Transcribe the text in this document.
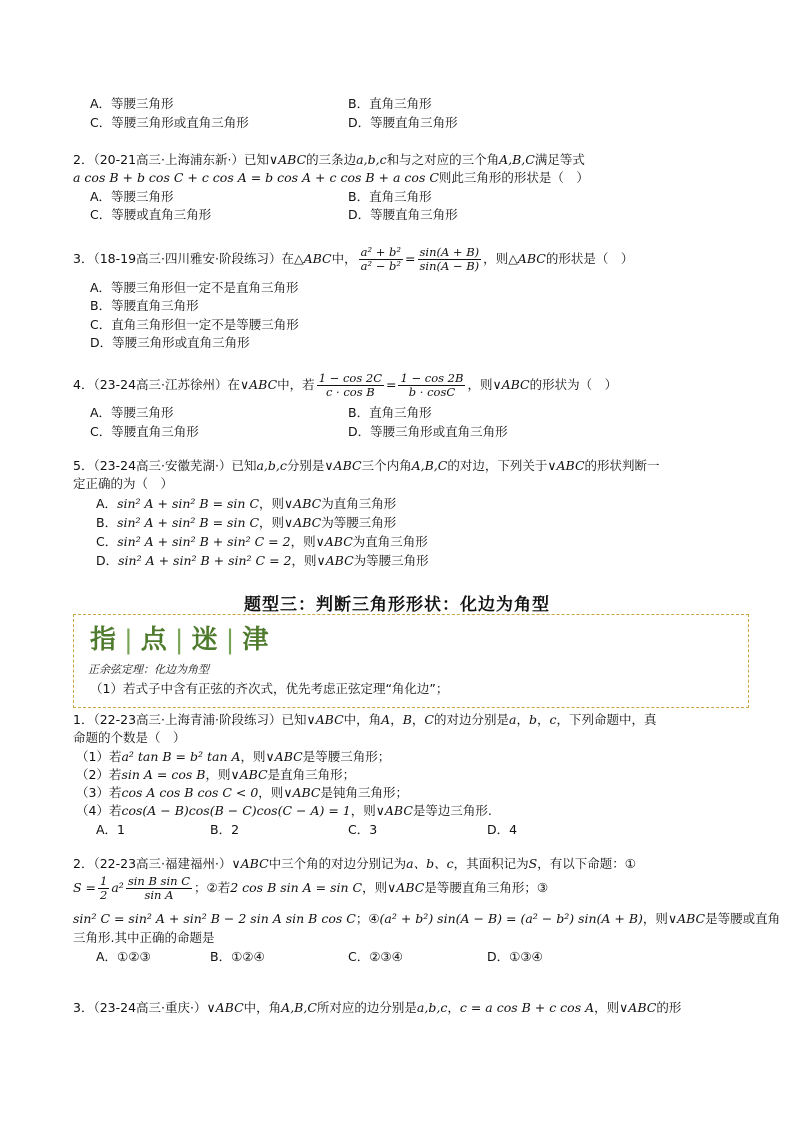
A．等腰三角形	B．直角三角形
C．等腰三角形或直角三角形	D．等腰直角三角形
2．（20-21高三·上海浦东新·）已知∨ABC的三条边a,b,c和与之对应的三个角A,B,C满足等式
a cos B + b cos C + c cos A = b cos A + c cos B + a cos C则此三角形的形状是（　）
A．等腰三角形	B．直角三角形
C．等腰或直角三角形	D．等腰直角三角形
3．（18-19高三·四川雅安·阶段练习）在△ABC中， $\frac{\text{a² + b²}}{\text{a² − b²}} = \frac{\sin(A + B)}{\sin(A - B)}$ ，则△ABC的形状是（　）
A．等腰三角形但一定不是直角三角形
B．等腰直角三角形
C．直角三角形但一定不是等腰三角形
D．等腰三角形或直角三角形
4．（23-24高三·江苏徐州）在∨ABC中，若 $\frac{1 - \cos 2C}{\text{c · cos B}} = \frac{1 - \cos 2B}{b \cdot \cos C}$ ，则∨ABC的形状为（　）
A．等腰三角形	B．直角三角形
C．等腰直角三角形	D．等腰三角形或直角三角形
5．（23-24高三·安徽芜湖·）已知a,b,c分别是∨ABC三个内角A,B,C的对边，下列关于∨ABC的形状判断一
定正确的为（　）
A．sin² A + sin² B = sin C，则∨ABC为直角三角形
B．sin² A + sin² B = sin C，则∨ABC为等腰三角形
C．sin² A + sin² B + sin² C = 2，则∨ABC为直角三角形
D．sin² A + sin² B + sin² C = 2，则∨ABC为等腰三角形
题型三：判断三角形形状：化边为角型
指 | 点 | 迷 | 津
正余弦定理：化边为角型
（1）若式子中含有正弦的齐次式，优先考虑正弦定理“角化边”；
1．（22-23高三·上海青浦·阶段练习）已知∨ABC中，角A，B，C的对边分别是a，b，c，下列命题中，真
命题的个数是（　）
（1）若a² tan B = b² tan A，则∨ABC是等腰三角形；
（2）若sin A = cos B，则∨ABC是直角三角形；
（3）若cos A cos B cos C < 0，则∨ABC是钝角三角形；
（4）若cos(A − B)cos(B − C)cos(C − A) = 1，则∨ABC是等边三角形.
A．1	B．2	C．3	D．4
2．（22-23高三·福建福州·）∨ABC中三个角的对边分别记为a、b、c，其面积记为S，有以下命题：①
$S = \frac{1}{2} a^2 \frac{\text{sin B sin C}}{\text{sin A}}$ ；②若2 cos B sin A = sin C，则∨ABC是等腰直角三角形；③
sin² C = sin² A + sin² B − 2 sin A sin B cos C；④(a² + b²) sin(A − B) = (a² − b²) sin(A + B)，则∨ABC是等腰或直角
三角形.其中正确的命题是
A．①②③	B．①②④	C．②③④	D．①③④
3．（23-24高三·重庆·）∨ABC中，角A,B,C所对应的边分别是a,b,c，c = a cos B + c cos A，则∨ABC的形
